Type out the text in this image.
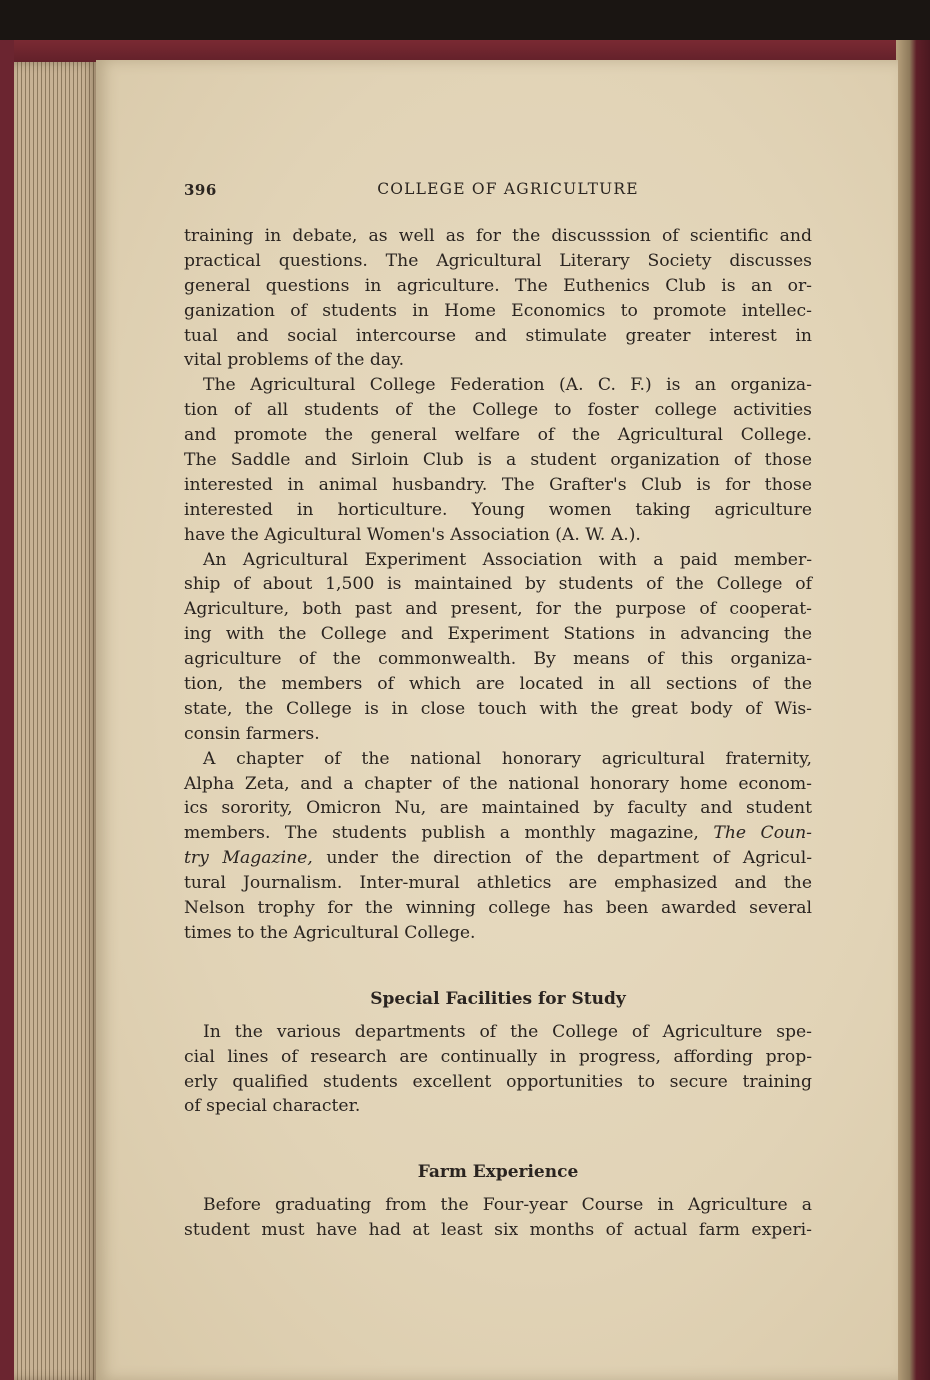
396	COLLEGE OF AGRICULTURE
training in debate, as well as for the discusssion of scientific and
practical questions. The Agricultural Literary Society discusses
general questions in agriculture. The Euthenics Club is an or-
ganization of students in Home Economics to promote intellec-
tual and social intercourse and stimulate greater interest in
vital problems of the day.
The Agricultural College Federation (A. C. F.) is an organiza-
tion of all students of the College to foster college activities
and promote the general welfare of the Agricultural College.
The Saddle and Sirloin Club is a student organization of those
interested in animal husbandry. The Grafter's Club is for those
interested in horticulture. Young women taking agriculture
have the Agicultural Women's Association (A. W. A.).
An Agricultural Experiment Association with a paid member-
ship of about 1,500 is maintained by students of the College of
Agriculture, both past and present, for the purpose of cooperat-
ing with the College and Experiment Stations in advancing the
agriculture of the commonwealth. By means of this organiza-
tion, the members of which are located in all sections of the
state, the College is in close touch with the great body of Wis-
consin farmers.
A chapter of the national honorary agricultural fraternity,
Alpha Zeta, and a chapter of the national honorary home econom-
ics sorority, Omicron Nu, are maintained by faculty and student
members. The students publish a monthly magazine, The Coun-
try Magazine, under the direction of the department of Agricul-
tural Journalism. Inter-mural athletics are emphasized and the
Nelson trophy for the winning college has been awarded several
times to the Agricultural College.
Special Facilities for Study
In the various departments of the College of Agriculture spe-
cial lines of research are continually in progress, affording prop-
erly qualified students excellent opportunities to secure training
of special character.
Farm Experience
Before graduating from the Four-year Course in Agriculture a
student must have had at least six months of actual farm experi-
